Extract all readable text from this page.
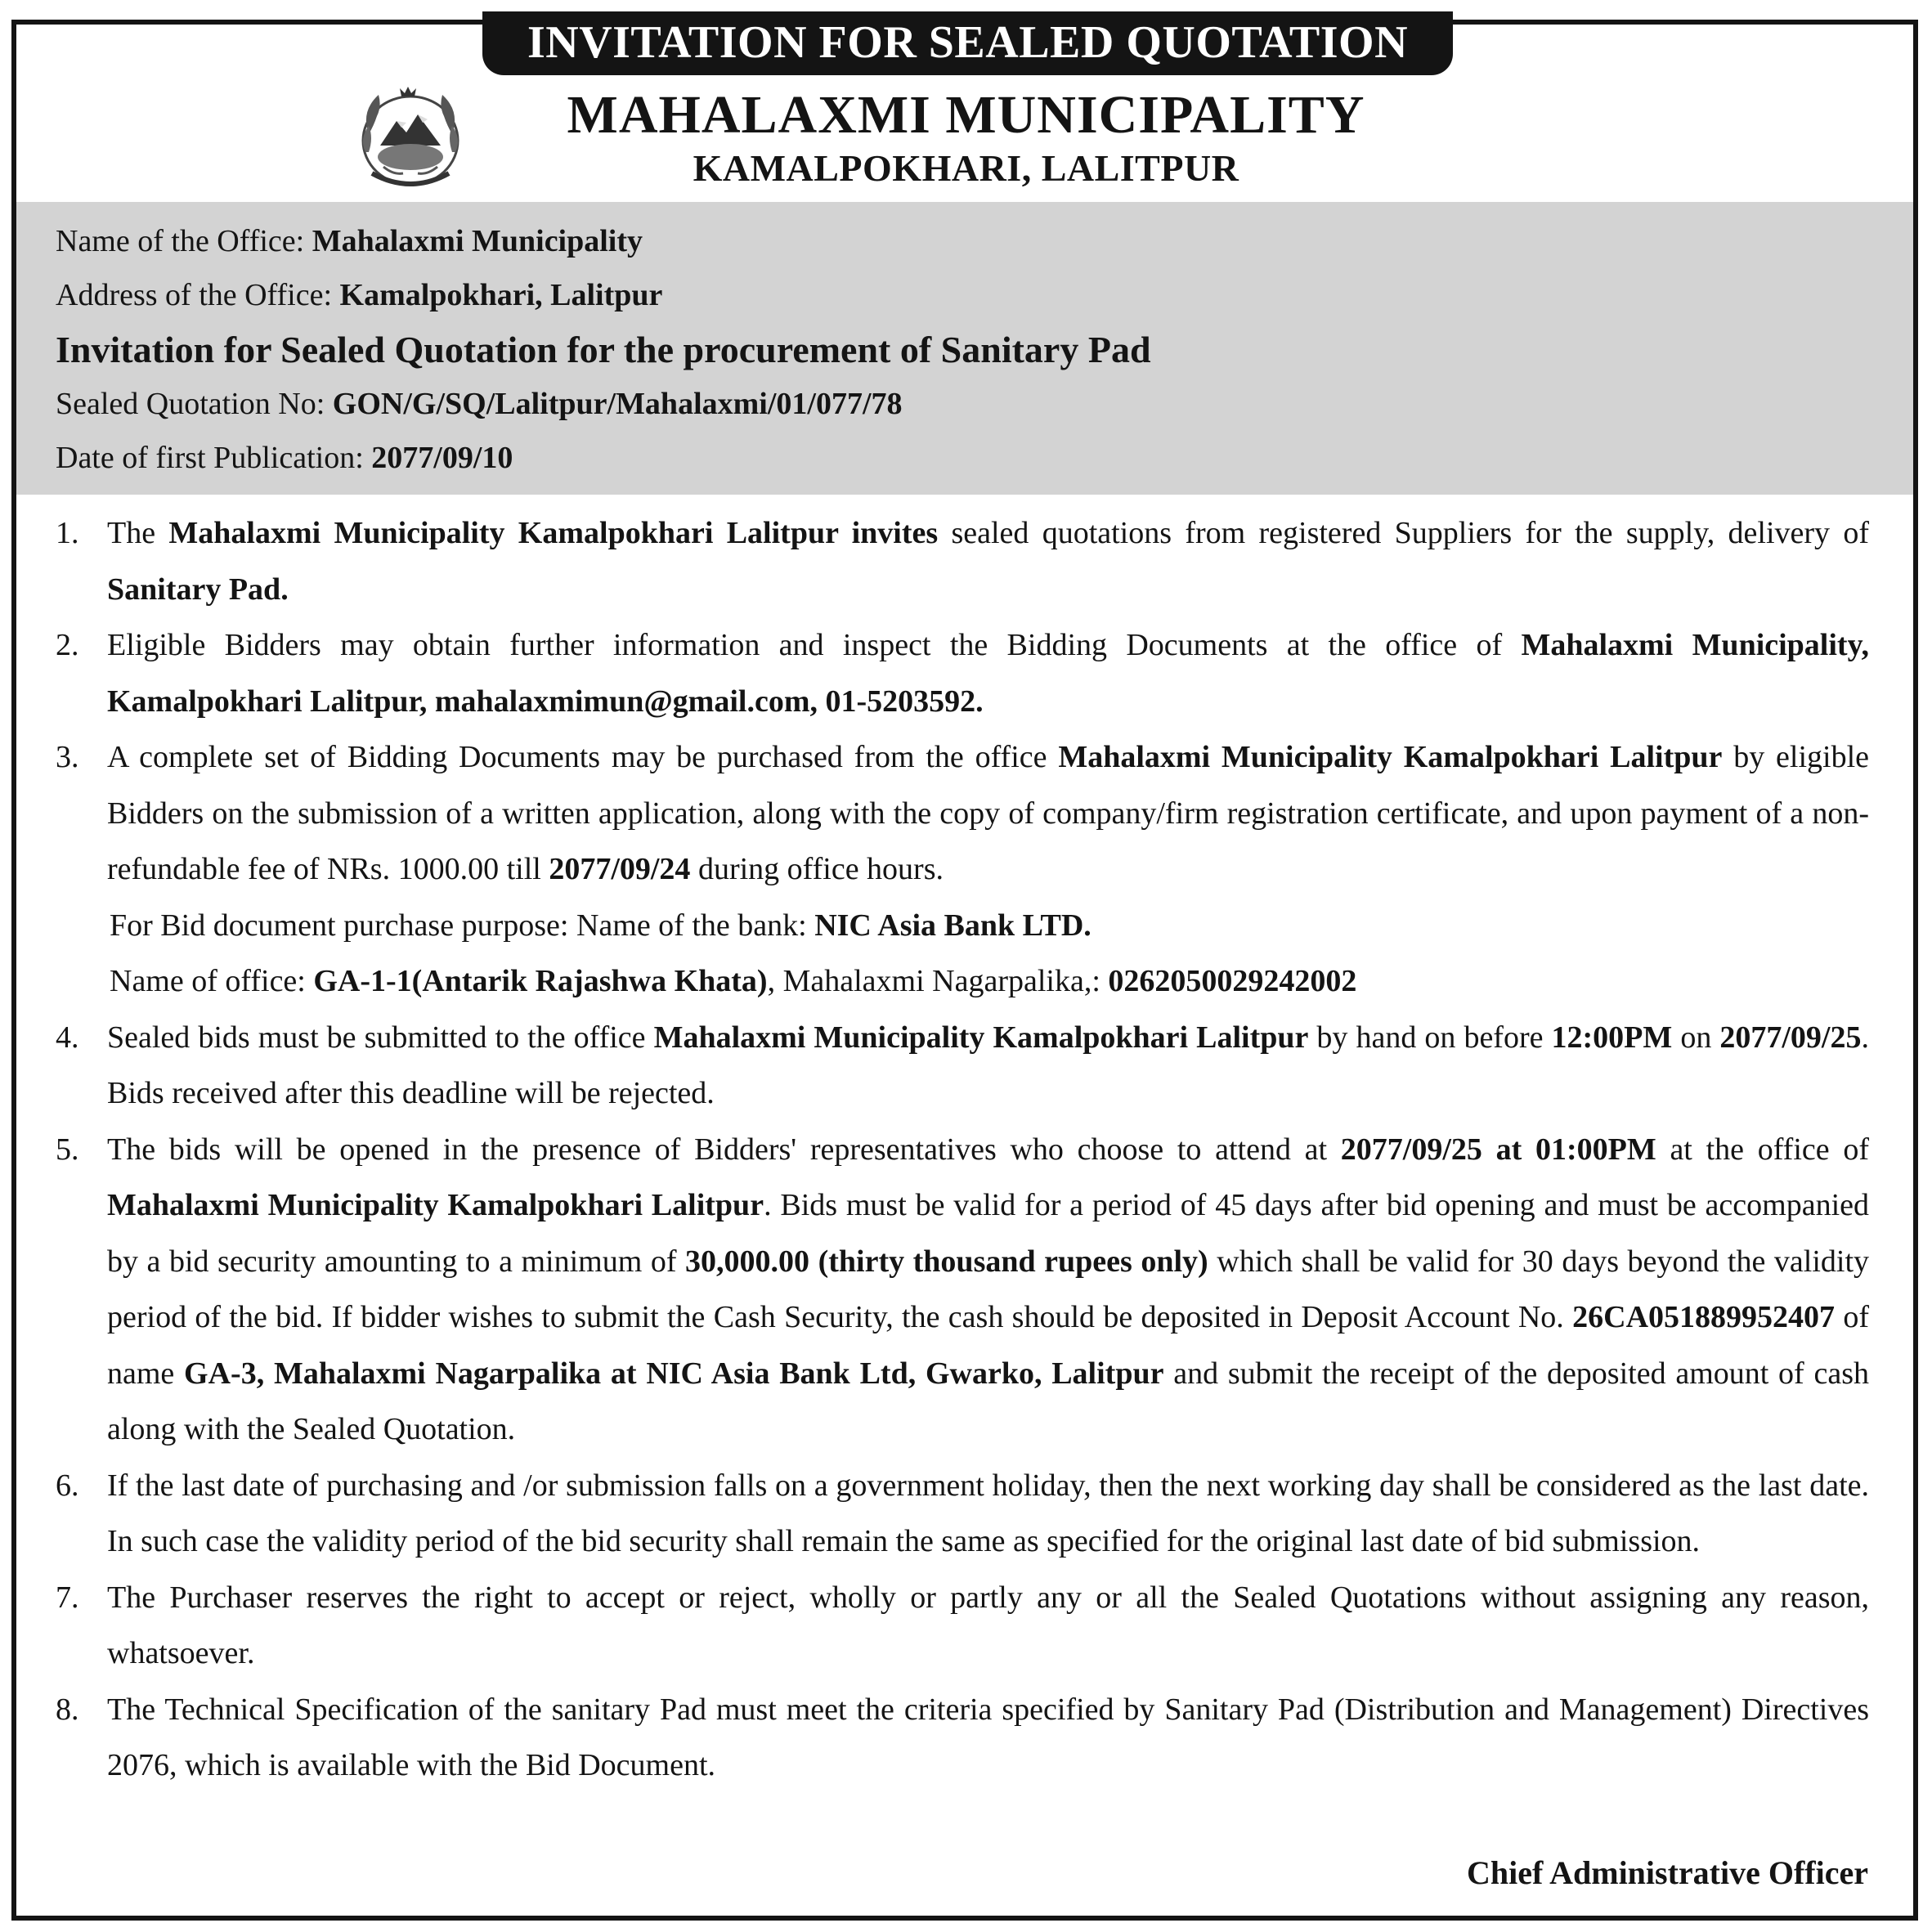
INVITATION FOR SEALED QUOTATION
MAHALAXMI MUNICIPALITY
KAMALPOKHARI, LALITPUR
Name of the Office: Mahalaxmi Municipality
Address of the Office: Kamalpokhari, Lalitpur
Invitation for Sealed Quotation for the procurement of Sanitary Pad
Sealed Quotation No: GON/G/SQ/Lalitpur/Mahalaxmi/01/077/78
Date of first Publication: 2077/09/10
1. The Mahalaxmi Municipality Kamalpokhari Lalitpur invites sealed quotations from registered Suppliers for the supply, delivery of Sanitary Pad.
2. Eligible Bidders may obtain further information and inspect the Bidding Documents at the office of Mahalaxmi Municipality, Kamalpokhari Lalitpur, mahalaxmimun@gmail.com, 01-5203592.
3. A complete set of Bidding Documents may be purchased from the office Mahalaxmi Municipality Kamalpokhari Lalitpur by eligible Bidders on the submission of a written application, along with the copy of company/firm registration certificate, and upon payment of a non-refundable fee of NRs. 1000.00 till 2077/09/24 during office hours.
For Bid document purchase purpose: Name of the bank: NIC Asia Bank LTD.
Name of office: GA-1-1(Antarik Rajashwa Khata), Mahalaxmi Nagarpalika,: 0262050029242002
4. Sealed bids must be submitted to the office Mahalaxmi Municipality Kamalpokhari Lalitpur by hand on before 12:00PM on 2077/09/25. Bids received after this deadline will be rejected.
5. The bids will be opened in the presence of Bidders' representatives who choose to attend at 2077/09/25 at 01:00PM at the office of Mahalaxmi Municipality Kamalpokhari Lalitpur. Bids must be valid for a period of 45 days after bid opening and must be accompanied by a bid security amounting to a minimum of 30,000.00 (thirty thousand rupees only) which shall be valid for 30 days beyond the validity period of the bid. If bidder wishes to submit the Cash Security, the cash should be deposited in Deposit Account No. 26CA051889952407 of name GA-3, Mahalaxmi Nagarpalika at NIC Asia Bank Ltd, Gwarko, Lalitpur and submit the receipt of the deposited amount of cash along with the Sealed Quotation.
6. If the last date of purchasing and /or submission falls on a government holiday, then the next working day shall be considered as the last date. In such case the validity period of the bid security shall remain the same as specified for the original last date of bid submission.
7. The Purchaser reserves the right to accept or reject, wholly or partly any or all the Sealed Quotations without assigning any reason, whatsoever.
8. The Technical Specification of the sanitary Pad must meet the criteria specified by Sanitary Pad (Distribution and Management) Directives 2076, which is available with the Bid Document.
Chief Administrative Officer
